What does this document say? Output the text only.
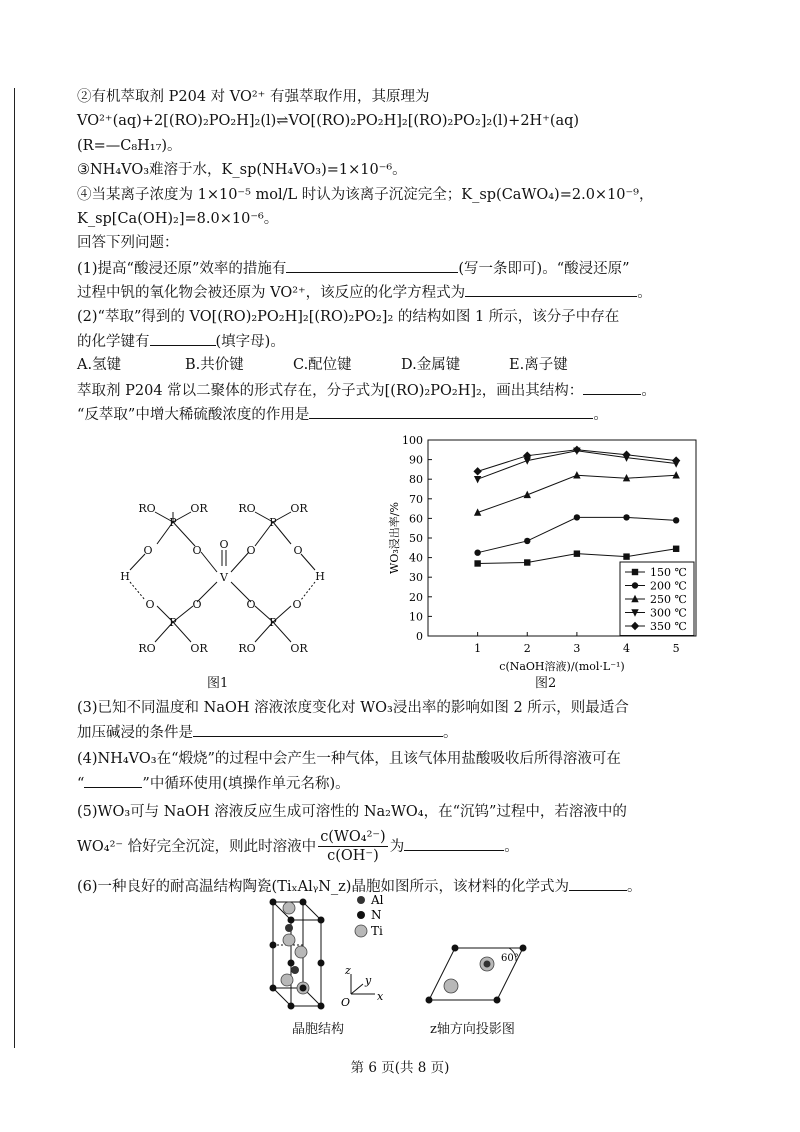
②有机萃取剂 P204 对 VO²⁺ 有强萃取作用，其原理为
VO²⁺(aq)+2[(RO)₂PO₂H]₂(l)⇌VO[(RO)₂PO₂H]₂[(RO)₂PO₂]₂(l)+2H⁺(aq)
(R=—C₈H₁₇)。
③NH₄VO₃难溶于水，K_sp(NH₄VO₃)=1×10⁻⁶。
④当某离子浓度为 1×10⁻⁵ mol/L 时认为该离子沉淀完全；K_sp(CaWO₄)=2.0×10⁻⁹，
K_sp[Ca(OH)₂]=8.0×10⁻⁶。
回答下列问题：
(1)提高“酸浸还原”效率的措施有	(写一条即可)。“酸浸还原”
过程中钒的氧化物会被还原为 VO²⁺，该反应的化学方程式为	。
(2)“萃取”得到的 VO[(RO)₂PO₂H]₂[(RO)₂PO₂]₂ 的结构如图 1 所示，该分子中存在
的化学键有	(填字母)。
A.氢键	B.共价键	C.配位键	D.金属键	E.离子键
萃取剂 P204 常以二聚体的形式存在，分子式为[(RO)₂PO₂H]₂，画出其结构：	。
“反萃取”中增大稀硫酸浓度的作用是	。
RO	OR	RO	OR
P	P
O	O	O	O
O
V
H	H
O	O	O	O
P	P
RO	OR	RO	OR
图1
0
10
20
30
40
50
60
70
80
90
100
1	2	3	4	5
c(NaOH溶液)/(mol·L⁻¹)
WO₃浸出率/%	150 ℃
200 ℃
250 ℃
300 ℃
350 ℃
图2
(3)已知不同温度和 NaOH 溶液浓度变化对 WO₃浸出率的影响如图 2 所示，则最适合
加压碱浸的条件是	。
(4)NH₄VO₃在“煅烧”的过程中会产生一种气体，且该气体用盐酸吸收后所得溶液可在
“	”中循环使用(填操作单元名称)。
(5)WO₃可与 NaOH 溶液反应生成可溶性的 Na₂WO₄，在“沉钨”过程中，若溶液中的
WO₄²⁻ 恰好完全沉淀，则此时溶液中 $\frac{\text{c(WO₄²⁻)}}{c(OH^-)}$ 为	。
(6)一种良好的耐高温结构陶瓷(TiₓAlᵧN_z)晶胞如图所示，该材料的化学式为	。
Al
N
Ti
z
y
x
O
60°
晶胞结构	z轴方向投影图
第 6 页(共 8 页)
